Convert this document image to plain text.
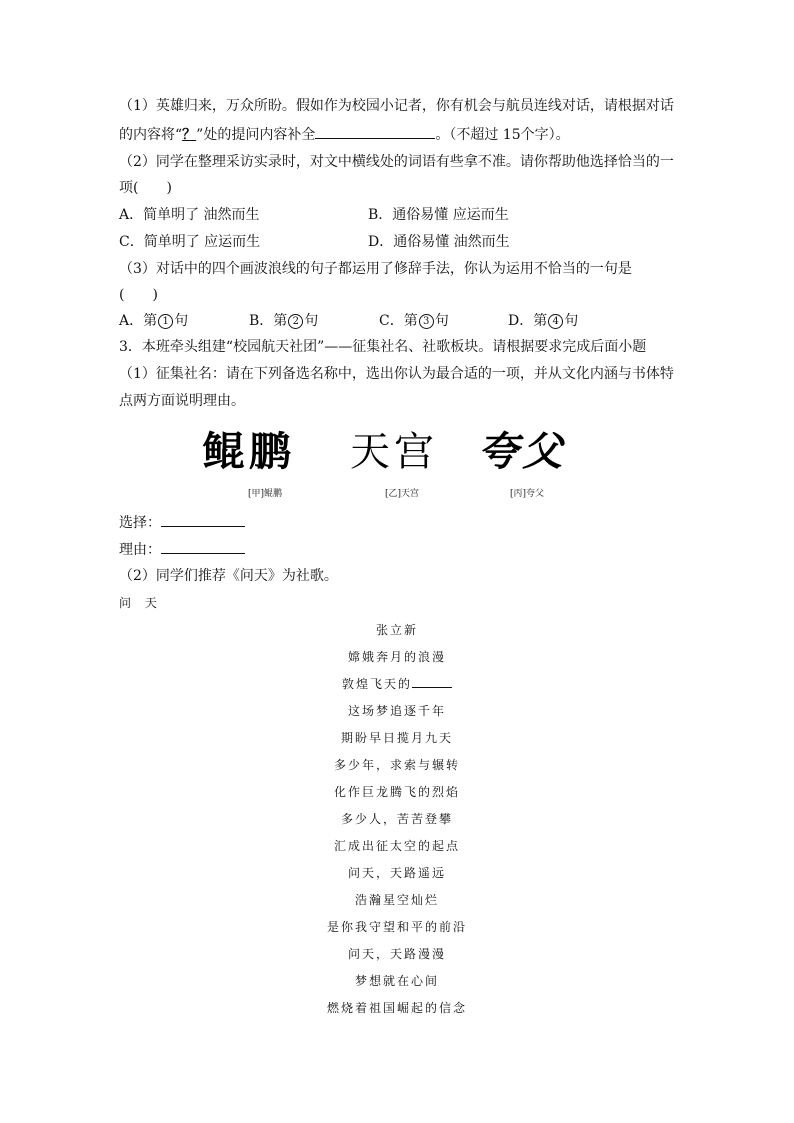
（1）英雄归来，万众所盼。假如作为校园小记者，你有机会与航员连线对话，请根据对话
的内容将“？”处的提问内容补全	。（不超过 15个字）。
（2）同学在整理采访实录时，对文中横线处的词语有些拿不准。请你帮助他选择恰当的一
项(　　)
A．简单明了 油然而生	B．通俗易懂 应运而生
C．简单明了 应运而生	D．通俗易懂 油然而生
（3）对话中的四个画波浪线的句子都运用了修辞手法，你认为运用不恰当的一句是
(　　)
A．第 1 句	B．第 2 句	C．第 3 句	D．第 4 句
3．本班牵头组建“校园航天社团”——征集社名、社歌板块。请根据要求完成后面小题
（1）征集社名：请在下列备选名称中，选出你认为最合适的一项，并从文化内涵与书体特
点两方面说明理由。
鲲鹏 天宫 夸父
[甲]鲲鹏	[乙]天宫	[丙]夸父
选择：
理由：
（2）同学们推荐《问天》为社歌。
问 天
张立新
嫦娥奔月的浪漫
敦煌飞天的
这场梦追逐千年
期盼早日揽月九天
多少年，求索与辗转
化作巨龙腾飞的烈焰
多少人，苦苦登攀
汇成出征太空的起点
问天，天路遥远
浩瀚星空灿烂
是你我守望和平的前沿
问天，天路漫漫
梦想就在心间
燃烧着祖国崛起的信念
